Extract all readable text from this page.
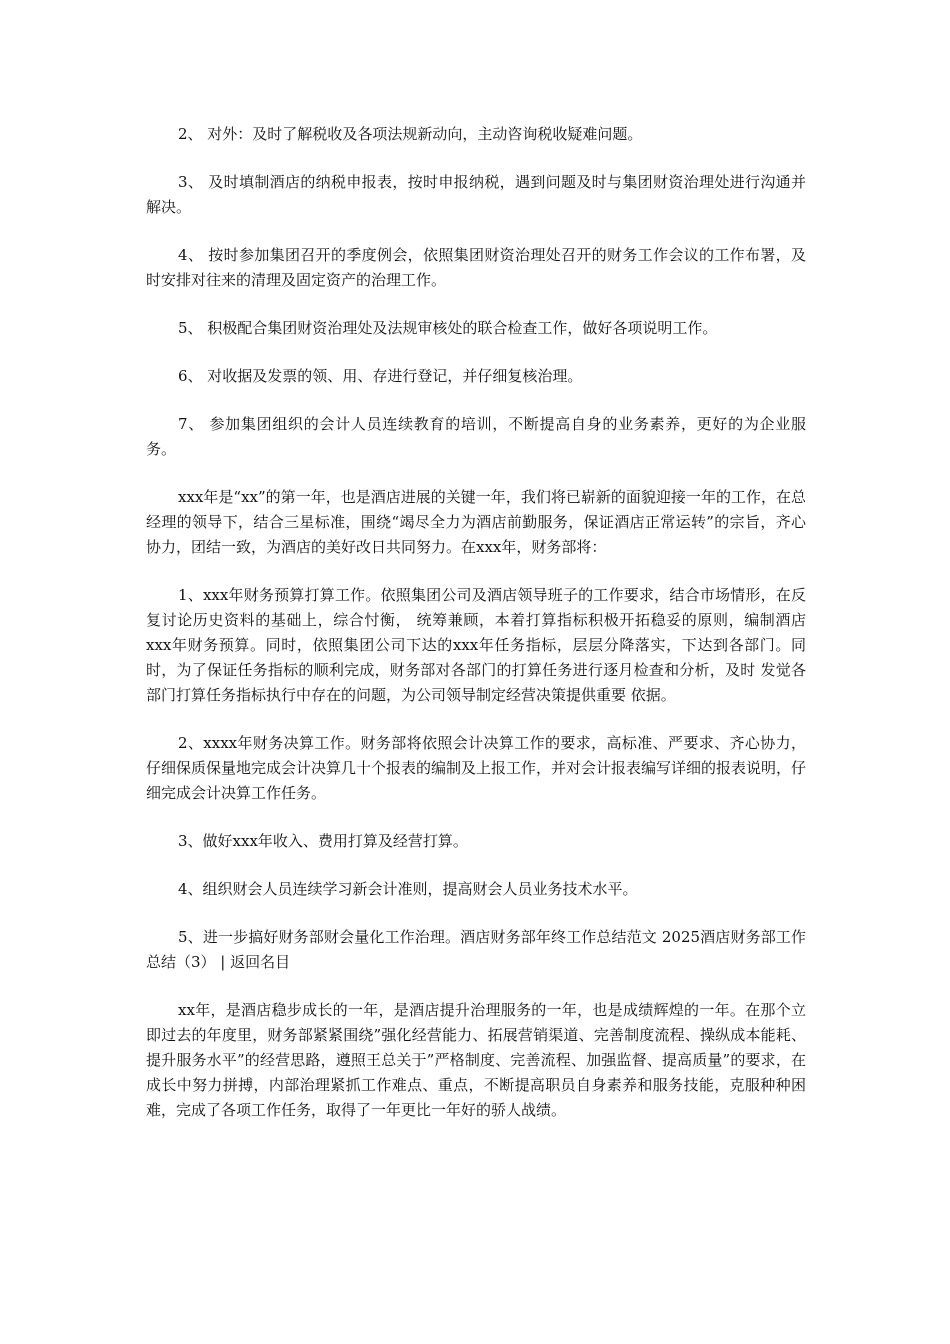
2、 对外：及时了解税收及各项法规新动向，主动咨询税收疑难问题。

3、 及时填制酒店的纳税申报表，按时申报纳税，遇到问题及时与集团财资治理处进行沟通并解决。

4、 按时参加集团召开的季度例会，依照集团财资治理处召开的财务工作会议的工作布署，及时安排对往来的清理及固定资产的治理工作。

5、 积极配合集团财资治理处及法规审核处的联合检查工作，做好各项说明工作。

6、 对收据及发票的领、用、存进行登记，并仔细复核治理。

7、 参加集团组织的会计人员连续教育的培训，不断提高自身的业务素养，更好的为企业服务。

xxx年是“xx”的第一年，也是酒店进展的关键一年，我们将已崭新的面貌迎接一年的工作，在总经理的领导下，结合三星标准，围绕“竭尽全力为酒店前勤服务，保证酒店正常运转”的宗旨，齐心协力，团结一致，为酒店的美好改日共同努力。在xxx年，财务部将：

1、xxx年财务预算打算工作。依照集团公司及酒店领导班子的工作要求，结合市场情形，在反复讨论历史资料的基础上，综合忖衡， 统筹兼顾，本着打算指标积极开拓稳妥的原则，编制酒店xxx年财务预算。同时，依照集团公司下达的xxx年任务指标，层层分降落实，下达到各部门。同时，为了保证任务指标的顺利完成，财务部对各部门的打算任务进行逐月检查和分析，及时 发觉各部门打算任务指标执行中存在的问题，为公司领导制定经营决策提供重要 依据。

2、xxxx年财务决算工作。财务部将依照会计决算工作的要求，高标准、严要求、齐心协力，仔细保质保量地完成会计决算几十个报表的编制及上报工作，并对会计报表编写详细的报表说明，仔细完成会计决算工作任务。

3、做好xxx年收入、费用打算及经营打算。

4、组织财会人员连续学习新会计准则，提高财会人员业务技术水平。

5、进一步搞好财务部财会量化工作治理。酒店财务部年终工作总结范文 2025酒店财务部工作总结（3） | 返回名目

xx年，是酒店稳步成长的一年，是酒店提升治理服务的一年，也是成绩辉煌的一年。在那个立即过去的年度里，财务部紧紧围绕”强化经营能力、拓展营销渠道、完善制度流程、操纵成本能耗、提升服务水平”的经营思路，遵照王总关于”严格制度、完善流程、加强监督、提高质量”的要求，在成长中努力拼搏，内部治理紧抓工作难点、重点，不断提高职员自身素养和服务技能，克服种种困难，完成了各项工作任务，取得了一年更比一年好的骄人战绩。
